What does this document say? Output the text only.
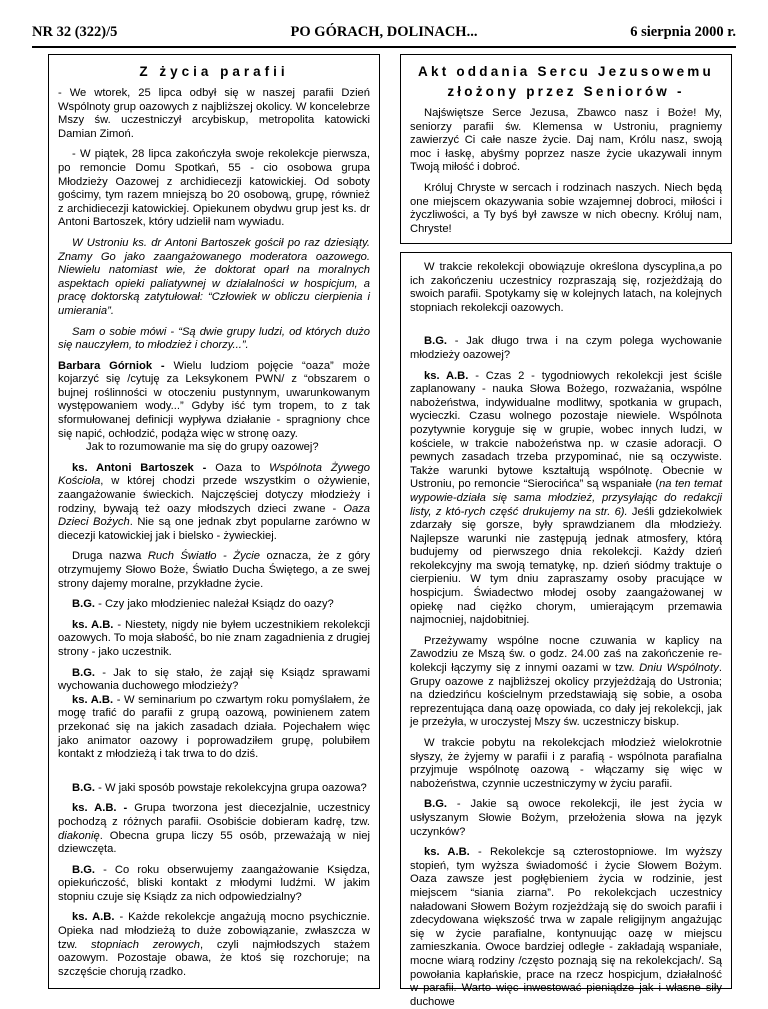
NR 32 (322)/5	PO GÓRACH, DOLINACH...	6 sierpnia 2000 r.
Z życia parafii

- We wtorek, 25 lipca odbył się w naszej parafii Dzień Wspólnoty grup oazowych z najbliższej okolicy. W koncelebrze Mszy św. uczestniczył arcybiskup, metropolita katowicki Damian Zimoń.

- W piątek, 28 lipca zakończyła swoje rekolekcje pierwsza, po remoncie Domu Spotkań, 55 - cio osobowa grupa Młodzieży Oazowej z archidiecezji katowickiej. Od soboty gościmy, tym razem mniejszą bo 20 osobową, grupę, również z archidiecezji katowickiej. Opiekunem obydwu grup jest ks. dr Antoni Bartoszek, który udzielił nam wywiadu.

W Ustroniu ks. dr Antoni Bartoszek gościł po raz dziesiąty. Znamy Go jako zaangażowanego moderatora oazowego. Niewielu natomiast wie, że doktorat oparł na moralnych aspektach opieki paliatywnej w działalności w hospicjum, a pracę doktorską zatytułował: “Człowiek w obliczu cierpienia i umierania”.

Sam o sobie mówi - “Są dwie grupy ludzi, od których dużo się nauczyłem, to młodzież i chorzy...”.

Barbara Górniok - Wielu ludziom pojęcie “oaza” może kojarzyć się /cytuję za Leksykonem PWN/ z “obszarem o bujnej roślinności w otoczeniu pustynnym, uwarunkowanym występowaniem wody...” Gdyby iść tym tropem, to z tak sformułowanej definicji wypływa działanie - spragniony chce się napić, ochłodzić, podąża więc w stronę oazy.

Jak to rozumowanie ma się do grupy oazowej?

ks. Antoni Bartoszek - Oaza to Wspólnota Żywego Kościoła, w której chodzi przede wszystkim o ożywienie, zaangażowanie świeckich. Najczęściej dotyczy młodzieży i rodziny, bywają też oazy młodszych dzieci zwane - Oaza Dzieci Bożych. Nie są one jednak zbyt popularne zarówno w diecezji katowickiej jak i bielsko - żywieckiej.

Druga nazwa Ruch Światło - Życie oznacza, że z góry otrzymujemy Słowo Boże, Światło Ducha Świętego, a ze swej strony dajemy moralne, przykładne życie.

B.G. - Czy jako młodzieniec należał Ksiądz do oazy?

ks. A.B. - Niestety, nigdy nie byłem uczestnikiem rekolekcji oazowych. To moja słabość, bo nie znam zagadnienia z drugiej strony - jako uczestnik.

B.G. - Jak to się stało, że zajął się Ksiądz sprawami wychowania duchowego młodzieży?

ks. A.B. - W seminarium po czwartym roku pomyślałem, że mogę trafić do parafii z grupą oazową, powinienem zatem przekonać się na jakich zasadach działa. Pojechałem więc jako animator oazowy i poprowadziłem grupę, polubiłem kontakt z młodzieżą i tak trwa to do dziś.

B.G. - W jaki sposób powstaje rekolekcyjna grupa oazowa?

ks. A.B. - Grupa tworzona jest diecezjalnie, uczestnicy pochodzą z różnych parafii. Osobiście dobieram kadrę, tzw. diakonię. Obecna grupa liczy 55 osób, przeważają w niej dziewczęta.

B.G. - Co roku obserwujemy zaangażowanie Księdza, opiekuńczość, bliski kontakt z młodymi ludźmi. W jakim stopniu czuje się Ksiądz za nich odpowiedzialny?

ks. A.B. - Każde rekolekcje angażują mocno psychicznie. Opieka nad młodzieżą to duże zobowiązanie, zwłaszcza w tzw. stopniach zerowych, czyli najmłodszych stażem oazowym. Pozostaje obawa, że ktoś się rozchoruje; na szczęście chorują rzadko.

Akt oddania Sercu Jezusowemu
złożony przez Seniorów -

Najświętsze Serce Jezusa, Zbawco nasz i Boże! My, seniorzy parafii św. Klemensa w Ustroniu, pragniemy zawierzyć Ci całe nasze życie. Daj nam, Królu nasz, swoją moc i łaskę, abyśmy poprzez nasze życie ukazywali innym Twoją miłość i dobroć.

Króluj Chryste w sercach i rodzinach naszych. Niech będą one miejscem okazywania sobie wzajemnej dobroci, miłości i życzliwości, a Ty byś był zawsze w nich obecny. Króluj nam, Chryste!

W trakcie rekolekcji obowiązuje określona dyscyplina,a po ich zakończeniu uczestnicy rozpraszają się, rozjeżdżają do swoich parafii. Spotykamy się w kolejnych latach, na kolejnych stopniach rekolekcji oazowych.

B.G. - Jak długo trwa i na czym polega wychowanie młodzieży oazowej?

ks. A.B. - Czas 2 - tygodniowych rekolekcji jest ściśle zaplanowany - nauka Słowa Bożego, rozważania, wspólne nabożeństwa, indywidualne modlitwy, spotkania w grupach, wycieczki. Czasu wolnego pozostaje niewiele. Wspólnota pozytywnie koryguje się w grupie, wobec innych ludzi, w kościele, w trakcie nabożeństwa np. w czasie adoracji. O pewnych zasadach trzeba przypominać, nie są oczywiste. Także warunki bytowe kształtują wspólnotę. Obecnie w Ustroniu, po remoncie “Sierocińca” są wspaniałe (na ten temat wypowie-działa się sama młodzież, przysyłając do redakcji listy, z któ-rych część drukujemy na str. 6). Jeśli gdziekolwiek zdarzały się gorsze, były sprawdzianem dla młodzieży. Najlepsze warunki nie zastępują jednak atmosfery, którą budujemy od pierwszego dnia rekolekcji. Każdy dzień rekolekcyjny ma swoją tematykę, np. dzień siódmy traktuje o cierpieniu. W tym dniu zapraszamy osoby pracujące w hospicjum. Świadectwo młodej osoby zaangażowanej w opiekę nad ciężko chorym, umierającym przemawia najmocniej, najdobitniej.

Przeżywamy wspólne nocne czuwania w kaplicy na Zawodziu ze Mszą św. o godz. 24.00 zaś na zakończenie re-kolekcji łączymy się z innymi oazami w tzw. Dniu Wspólnoty. Grupy oazowe z najbliższej okolicy przyjeżdżają do Ustronia; na dziedzińcu kościelnym przedstawiają się sobie, a osoba reprezentująca daną oazę opowiada, co dały jej rekolekcji, jak je przeżyła, w uroczystej Mszy św. uczestniczy biskup.

W trakcie pobytu na rekolekcjach młodzież wielokrotnie słyszy, że żyjemy w parafii i z parafią - wspólnota parafialna przyjmuje wspólnotę oazową - włączamy się więc w nabożeństwa, czynnie uczestniczymy w życiu parafii.

B.G. - Jakie są owoce rekolekcji, ile jest życia w usłyszanym Słowie Bożym, przełożenia słowa na język uczynków?

ks. A.B. - Rekolekcje są czterostopniowe. Im wyższy stopień, tym wyższa świadomość i życie Słowem Bożym. Oaza zawsze jest pogłębieniem życia w rodzinie, jest miejscem “siania ziarna”. Po rekolekcjach uczestnicy naładowani Słowem Bożym rozjeżdżają się do swoich parafii i zdecydowana większość trwa w zapale religijnym angażując się w życie parafialne, kontynuując oazę w miejscu zamieszkania. Owoce bardziej odległe - zakładają wspaniałe, mocne wiarą rodziny /często poznają się na rekolekcjach/. Są powołania kapłańskie, prace na rzecz hospicjum, działalność w parafii. Warto więc inwestować pieniądze jak i własne siły duchowe
